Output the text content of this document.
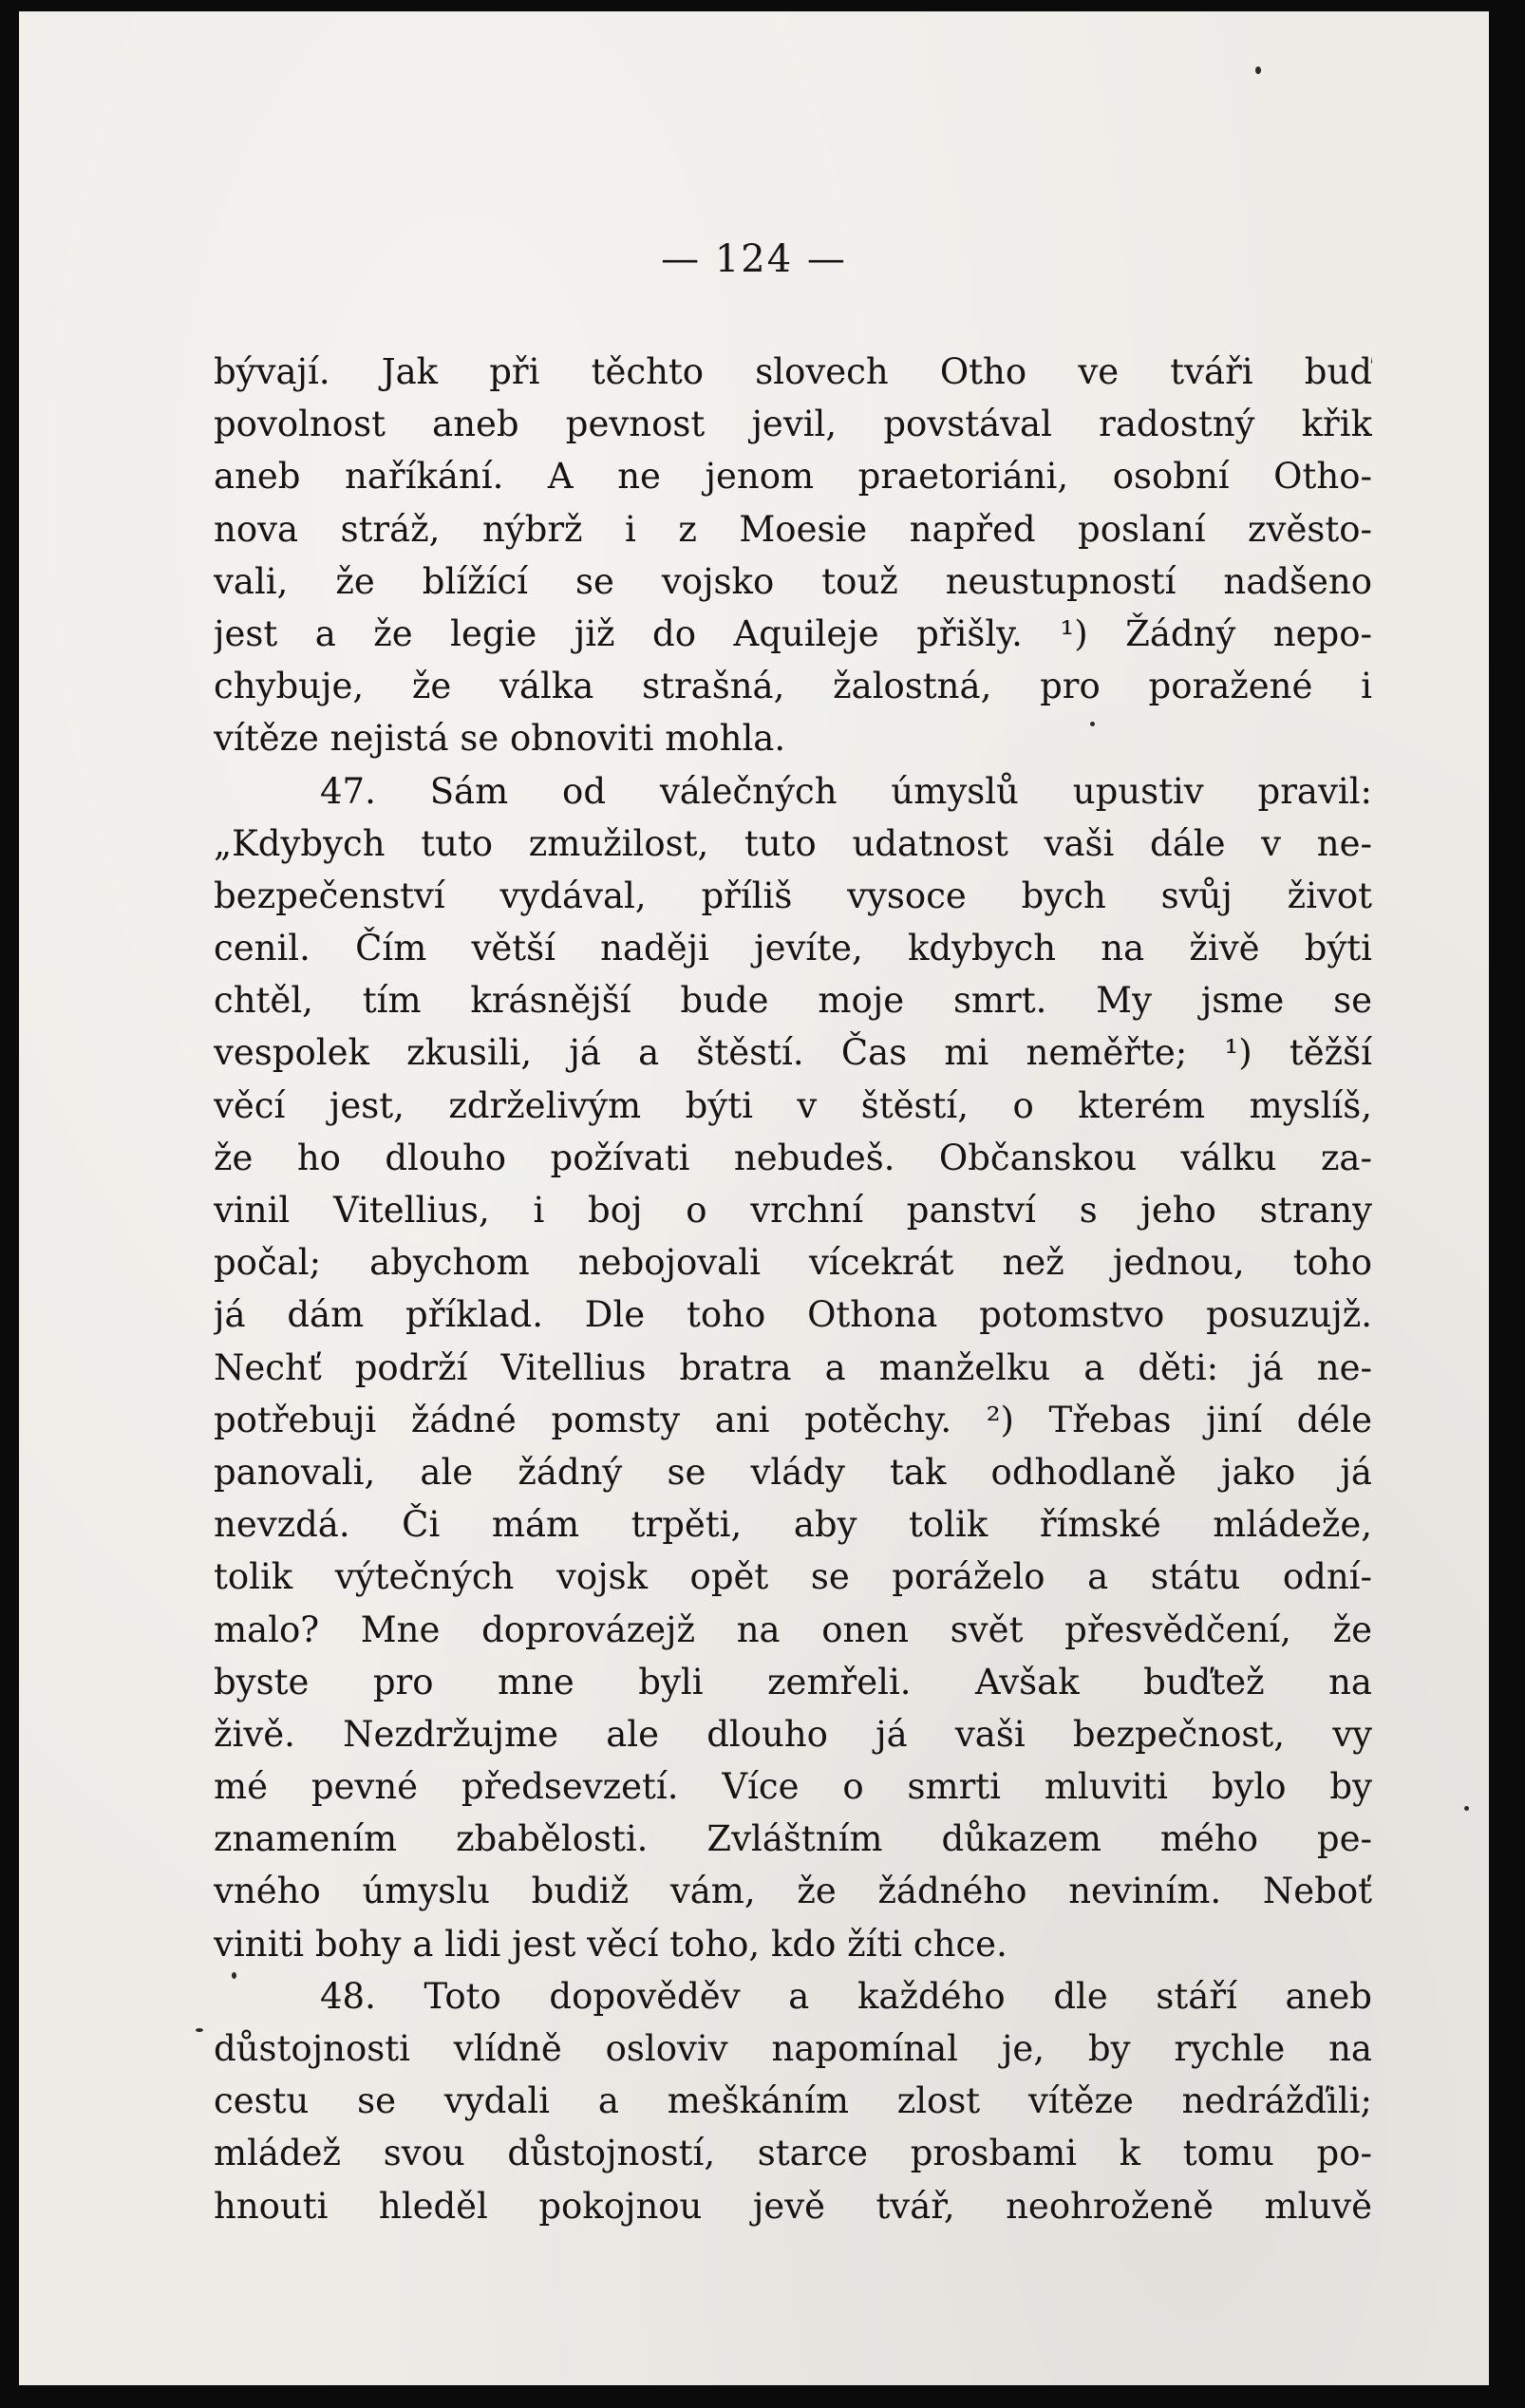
— 124 —
bývají. Jak při těchto slovech Otho ve tváři buď
povolnost aneb pevnost jevil, povstával radostný křik
aneb naříkání. A ne jenom praetoriáni, osobní Otho-
nova stráž, nýbrž i z Moesie napřed poslaní zvěsto-
vali, že blížící se vojsko touž neustupností nadšeno
jest a že legie již do Aquileje přišly. ¹) Žádný nepo-
chybuje, že válka strašná, žalostná, pro poražené i
vítěze nejistá se obnoviti mohla.
47. Sám od válečných úmyslů upustiv pravil:
„Kdybych tuto zmužilost, tuto udatnost vaši dále v ne-
bezpečenství vydával, příliš vysoce bych svůj život
cenil. Čím větší naději jevíte, kdybych na živě býti
chtěl, tím krásnější bude moje smrt. My jsme se
vespolek zkusili, já a štěstí. Čas mi neměřte; ¹) těžší
věcí jest, zdrželivým býti v štěstí, o kterém myslíš,
že ho dlouho požívati nebudeš. Občanskou válku za-
vinil Vitellius, i boj o vrchní panství s jeho strany
počal; abychom nebojovali vícekrát než jednou, toho
já dám příklad. Dle toho Othona potomstvo posuzujž.
Nechť podrží Vitellius bratra a manželku a děti: já ne-
potřebuji žádné pomsty ani potěchy. ²) Třebas jiní déle
panovali, ale žádný se vlády tak odhodlaně jako já
nevzdá. Či mám trpěti, aby tolik římské mládeže,
tolik výtečných vojsk opět se poráželo a státu odní-
malo? Mne doprovázejž na onen svět přesvědčení, že
byste pro mne byli zemřeli. Avšak buďtež na
živě. Nezdržujme ale dlouho já vaši bezpečnost, vy
mé pevné předsevzetí. Více o smrti mluviti bylo by
znamením zbabělosti. Zvláštním důkazem mého pe-
vného úmyslu budiž vám, že žádného neviním. Neboť
viniti bohy a lidi jest věcí toho, kdo žíti chce.
48. Toto dopověděv a každého dle stáří aneb
důstojnosti vlídně osloviv napomínal je, by rychle na
cestu se vydali a meškáním zlost vítěze nedrážďili;
mládež svou důstojností, starce prosbami k tomu po-
hnouti hleděl pokojnou jevě tvář, neohroženě mluvě
